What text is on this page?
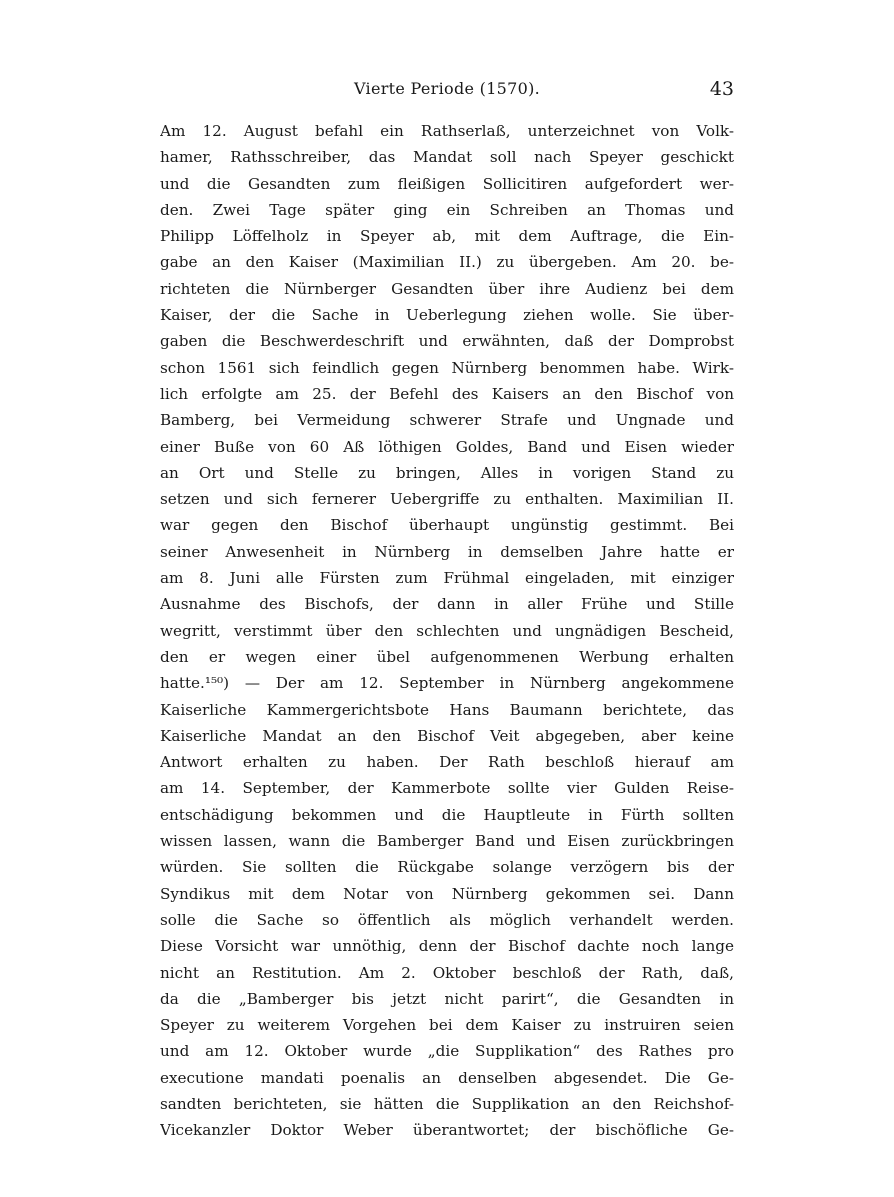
Vierte Periode (1570).	43
Am 12. August befahl ein Rathserlaß, unterzeichnet von Volk-
hamer, Rathsschreiber, das Mandat soll nach Speyer geschickt
und die Gesandten zum fleißigen Sollicitiren aufgefordert wer-
den. Zwei Tage später ging ein Schreiben an Thomas und
Philipp Löffelholz in Speyer ab, mit dem Auftrage, die Ein-
gabe an den Kaiser (Maximilian II.) zu übergeben. Am 20. be-
richteten die Nürnberger Gesandten über ihre Audienz bei dem
Kaiser, der die Sache in Ueberlegung ziehen wolle. Sie über-
gaben die Beschwerdeschrift und erwähnten, daß der Domprobst
schon 1561 sich feindlich gegen Nürnberg benommen habe. Wirk-
lich erfolgte am 25. der Befehl des Kaisers an den Bischof von
Bamberg, bei Vermeidung schwerer Strafe und Ungnade und
einer Buße von 60 Aß löthigen Goldes, Band und Eisen wieder
an Ort und Stelle zu bringen, Alles in vorigen Stand zu
setzen und sich fernerer Uebergriffe zu enthalten. Maximilian II.
war gegen den Bischof überhaupt ungünstig gestimmt. Bei
seiner Anwesenheit in Nürnberg in demselben Jahre hatte er
am 8. Juni alle Fürsten zum Frühmal eingeladen, mit einziger
Ausnahme des Bischofs, der dann in aller Frühe und Stille
wegritt, verstimmt über den schlechten und ungnädigen Bescheid,
den er wegen einer übel aufgenommenen Werbung erhalten
hatte.¹⁵⁰) — Der am 12. September in Nürnberg angekommene
Kaiserliche Kammergerichtsbote Hans Baumann berichtete, das
Kaiserliche Mandat an den Bischof Veit abgegeben, aber keine
Antwort erhalten zu haben. Der Rath beschloß hierauf am
am 14. September, der Kammerbote sollte vier Gulden Reise-
entschädigung bekommen und die Hauptleute in Fürth sollten
wissen lassen, wann die Bamberger Band und Eisen zurückbringen
würden. Sie sollten die Rückgabe solange verzögern bis der
Syndikus mit dem Notar von Nürnberg gekommen sei. Dann
solle die Sache so öffentlich als möglich verhandelt werden.
Diese Vorsicht war unnöthig, denn der Bischof dachte noch lange
nicht an Restitution. Am 2. Oktober beschloß der Rath, daß,
da die „Bamberger bis jetzt nicht parirt“, die Gesandten in
Speyer zu weiterem Vorgehen bei dem Kaiser zu instruiren seien
und am 12. Oktober wurde „die Supplikation“ des Rathes pro
executione mandati poenalis an denselben abgesendet. Die Ge-
sandten berichteten, sie hätten die Supplikation an den Reichshof-
Vicekanzler Doktor Weber überantwortet; der bischöfliche Ge-
